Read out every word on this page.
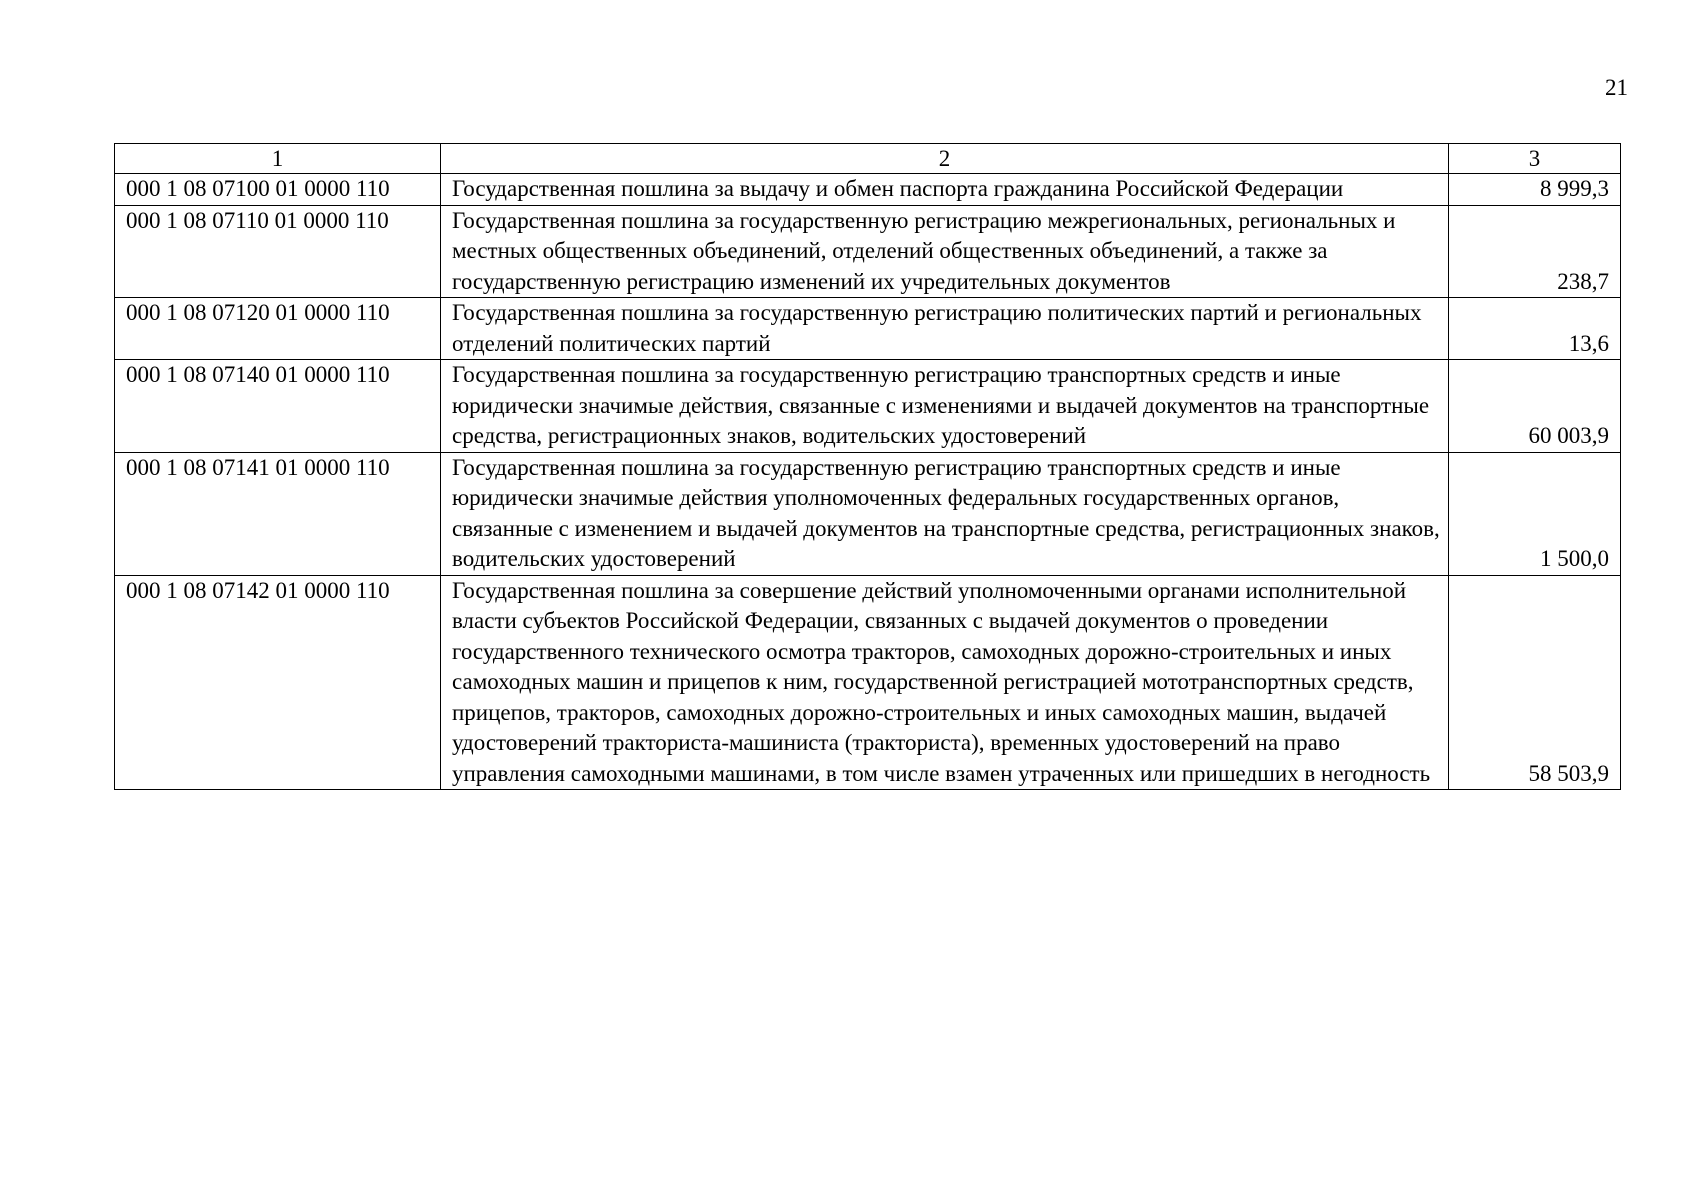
21
1	2	3
000 1 08 07100 01 0000 110	Государственная пошлина за выдачу и обмен паспорта гражданина Российской Федерации	8 999,3
000 1 08 07110 01 0000 110	Государственная пошлина за государственную регистрацию межрегиональных, региональных и местных общественных объединений, отделений общественных объединений, а также за государственную регистрацию изменений их учредительных документов	238,7
000 1 08 07120 01 0000 110	Государственная пошлина за государственную регистрацию политических партий и региональных отделений политических партий	13,6
000 1 08 07140 01 0000 110	Государственная пошлина за государственную регистрацию транспортных средств и иные юридически значимые действия, связанные с изменениями и выдачей документов на транспортные средства, регистрационных знаков, водительских удостоверений	60 003,9
000 1 08 07141 01 0000 110	Государственная пошлина за государственную регистрацию транспортных средств и иные юридически значимые действия уполномоченных федеральных государственных органов, связанные с изменением и выдачей документов на транспортные средства, регистрационных знаков, водительских удостоверений	1 500,0
000 1 08 07142 01 0000 110	Государственная пошлина за совершение действий уполномоченными органами исполнительной власти субъектов Российской Федерации, связанных с выдачей документов о проведении государственного технического осмотра тракторов, самоходных дорожно-строительных и иных самоходных машин и прицепов к ним, государственной регистрацией мототранспортных средств, прицепов, тракторов, самоходных дорожно-строительных и иных самоходных машин, выдачей удостоверений тракториста-машиниста (тракториста), временных удостоверений на право управления самоходными машинами, в том числе взамен утраченных или пришедших в негодность	58 503,9
